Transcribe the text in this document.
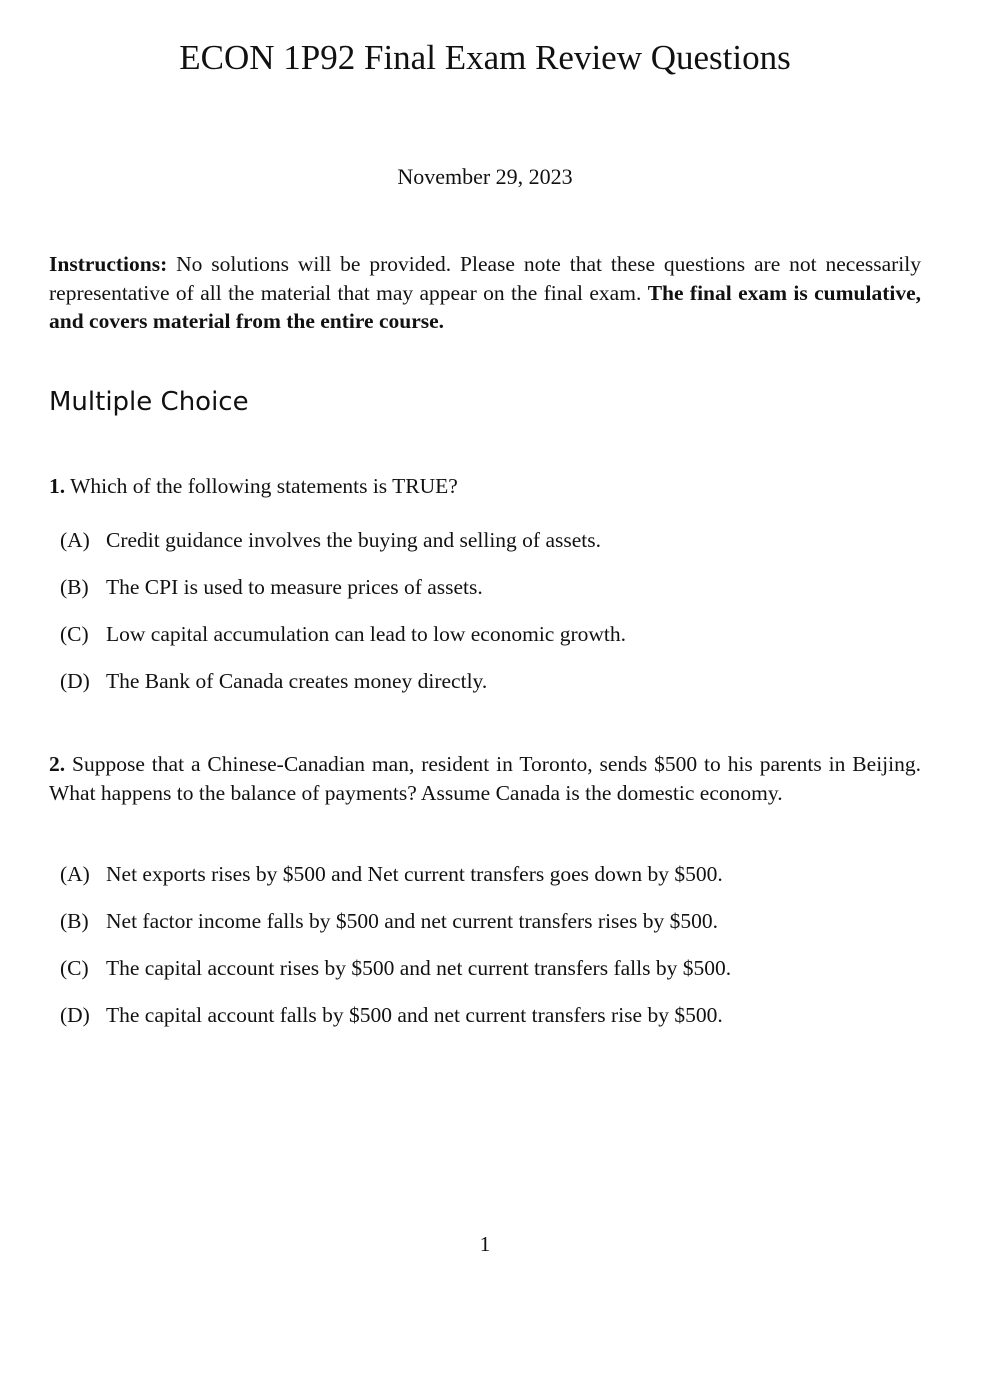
ECON 1P92 Final Exam Review Questions
November 29, 2023
Instructions: No solutions will be provided. Please note that these questions are not necessarily representative of all the material that may appear on the final exam. The final exam is cumulative, and covers material from the entire course.
Multiple Choice
1. Which of the following statements is TRUE?
(A) Credit guidance involves the buying and selling of assets.
(B) The CPI is used to measure prices of assets.
(C) Low capital accumulation can lead to low economic growth.
(D) The Bank of Canada creates money directly.
2. Suppose that a Chinese-Canadian man, resident in Toronto, sends $500 to his parents in Beijing. What happens to the balance of payments? Assume Canada is the domestic economy.
(A) Net exports rises by $500 and Net current transfers goes down by $500.
(B) Net factor income falls by $500 and net current transfers rises by $500.
(C) The capital account rises by $500 and net current transfers falls by $500.
(D) The capital account falls by $500 and net current transfers rise by $500.
1
